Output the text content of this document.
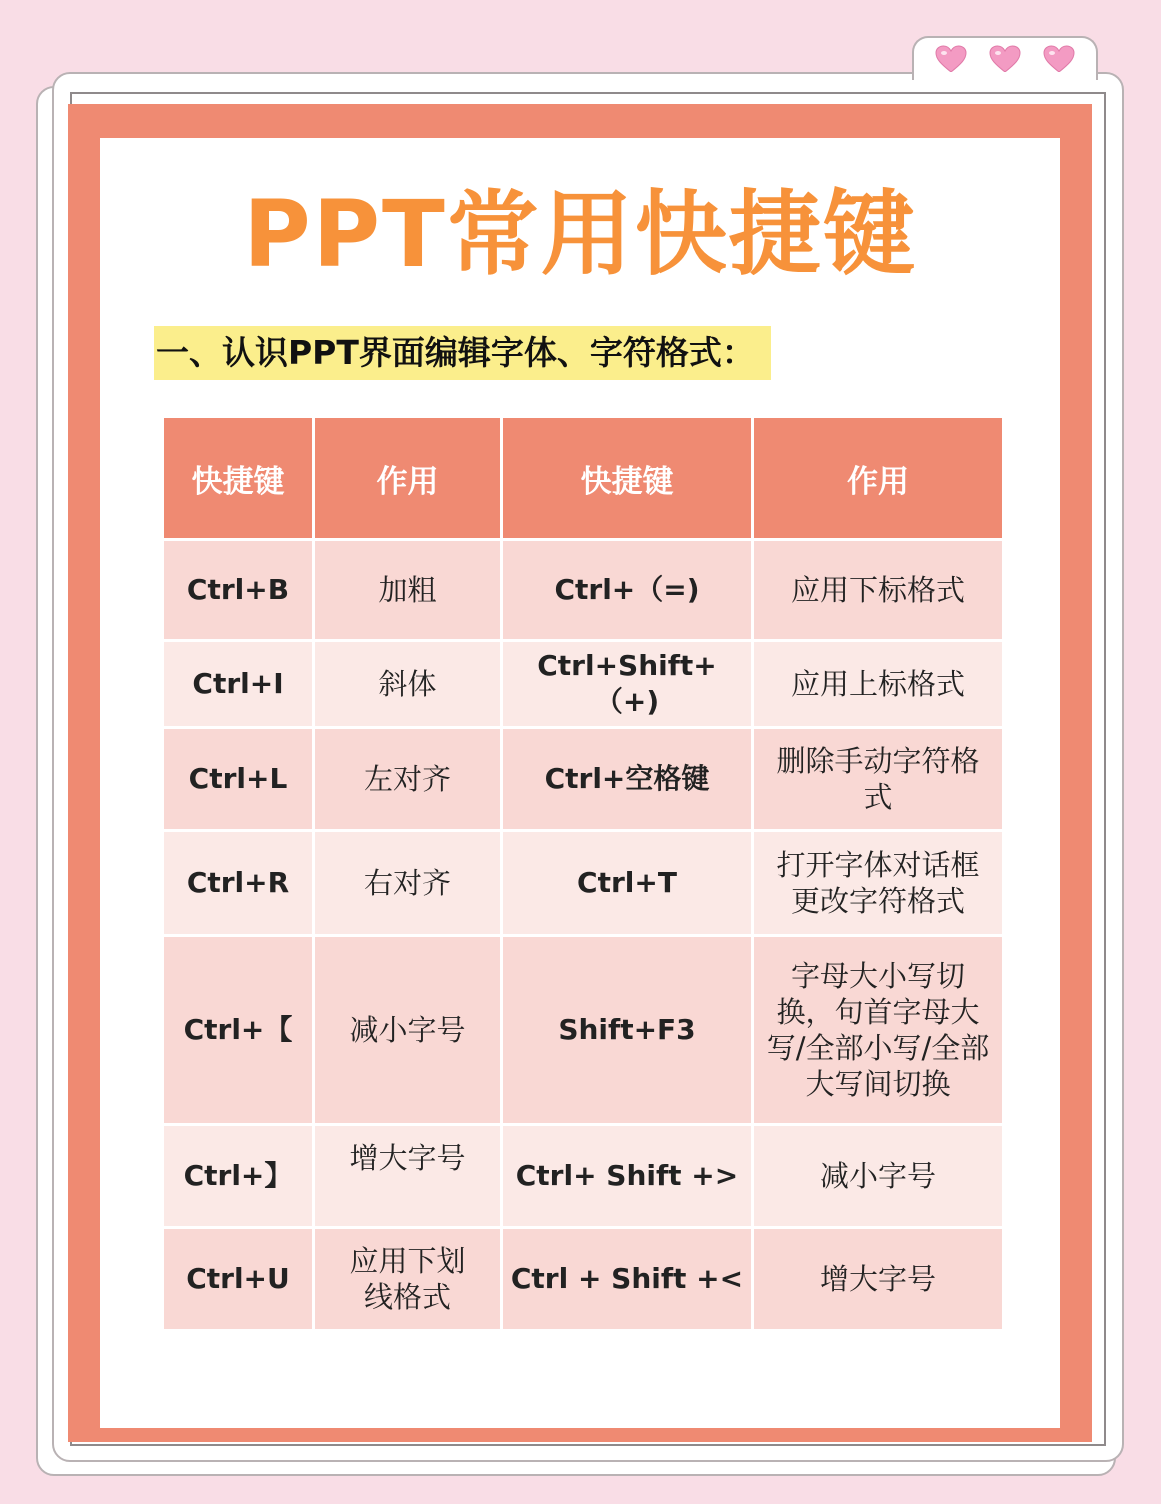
PPT常用快捷键
一、认识PPT界面编辑字体、字符格式：
快捷键	作用	快捷键	作用
Ctrl+B	加粗	Ctrl+（=)	应用下标格式
Ctrl+I	斜体	Ctrl+Shift+（+)	应用上标格式
Ctrl+L	左对齐	Ctrl+空格键	删除手动字符格式
Ctrl+R	右对齐	Ctrl+T	打开字体对话框更改字符格式
Ctrl+【	减小字号	Shift+F3	字母大小写切换，句首字母大写/全部小写/全部大写间切换
Ctrl+】	增大字号	Ctrl+ Shift +>	减小字号
Ctrl+U	应用下划线格式	Ctrl + Shift +<	增大字号
